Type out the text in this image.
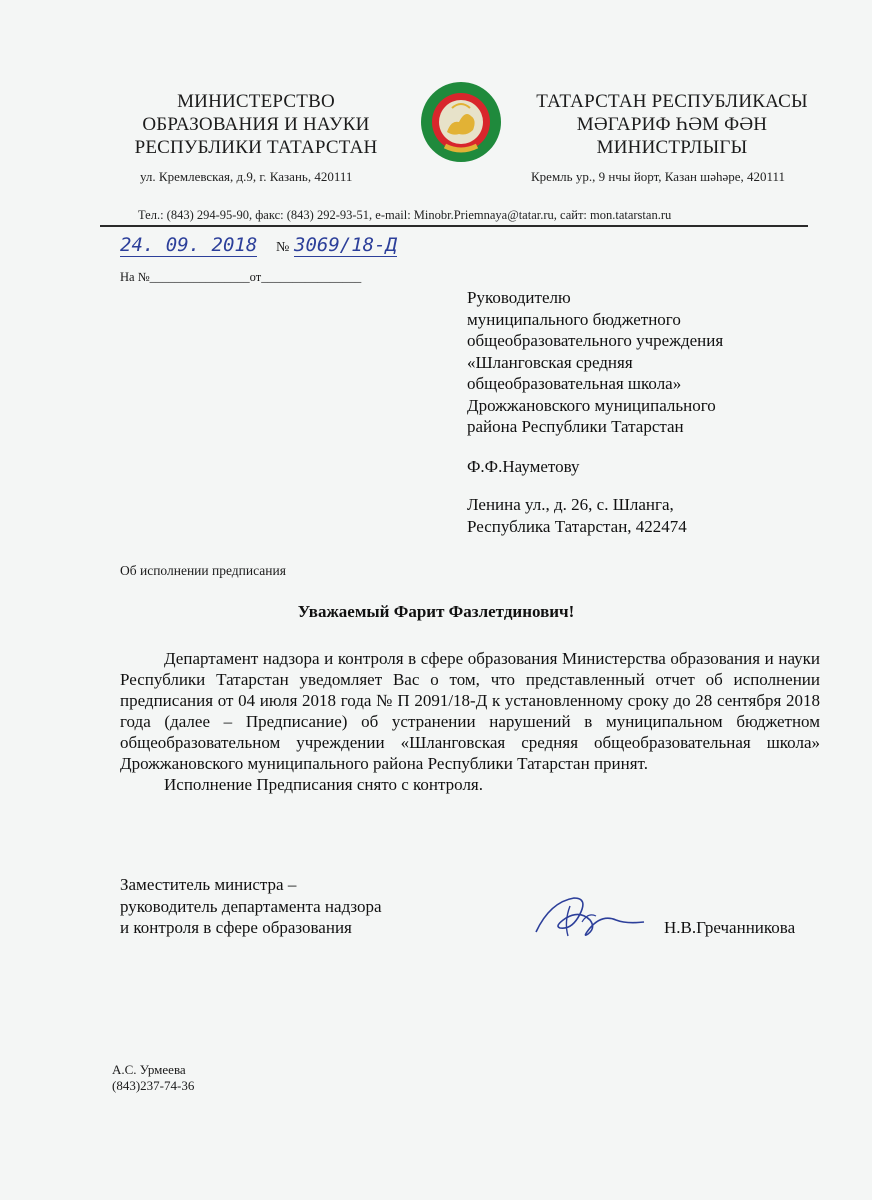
МИНИСТЕРСТВО
ОБРАЗОВАНИЯ И НАУКИ
РЕСПУБЛИКИ ТАТАРСТАН
ТАТАРСТАН РЕСПУБЛИКАСЫ
МӘГАРИФ ҺӘМ ФӘН
МИНИСТРЛЫГЫ
ул. Кремлевская, д.9, г. Казань, 420111	Кремль ур., 9 нчы йорт, Казан шәһәре, 420111
Тел.: (843) 294-95-90, факс: (843) 292-93-51, e-mail: Minobr.Priemnaya@tatar.ru, сайт: mon.tatarstan.ru
24. 09. 2018 № 3069/18-Д
На №________________от________________
Руководителю
муниципального бюджетного
общеобразовательного учреждения
«Шланговская средняя
общеобразовательная школа»
Дрожжановского муниципального
района Республики Татарстан
Ф.Ф.Науметову
Ленина ул., д. 26, с. Шланга,
Республика Татарстан, 422474
Об исполнении предписания
Уважаемый Фарит Фазлетдинович!

Департамент надзора и контроля в сфере образования Министерства образования и науки Республики Татарстан уведомляет Вас о том, что представленный отчет об исполнении предписания от 04 июля 2018 года № П 2091/18-Д к установленному сроку до 28 сентября 2018 года (далее – Предписание) об устранении нарушений в муниципальном бюджетном общеобразовательном учреждении «Шланговская средняя общеобразовательная школа» Дрожжановского муниципального района Республики Татарстан принят.

Исполнение Предписания снято с контроля.

Заместитель министра –
руководитель департамента надзора
и контроля в сфере образования	Н.В.Гречанникова
А.С. Урмеева
(843)237-74-36
